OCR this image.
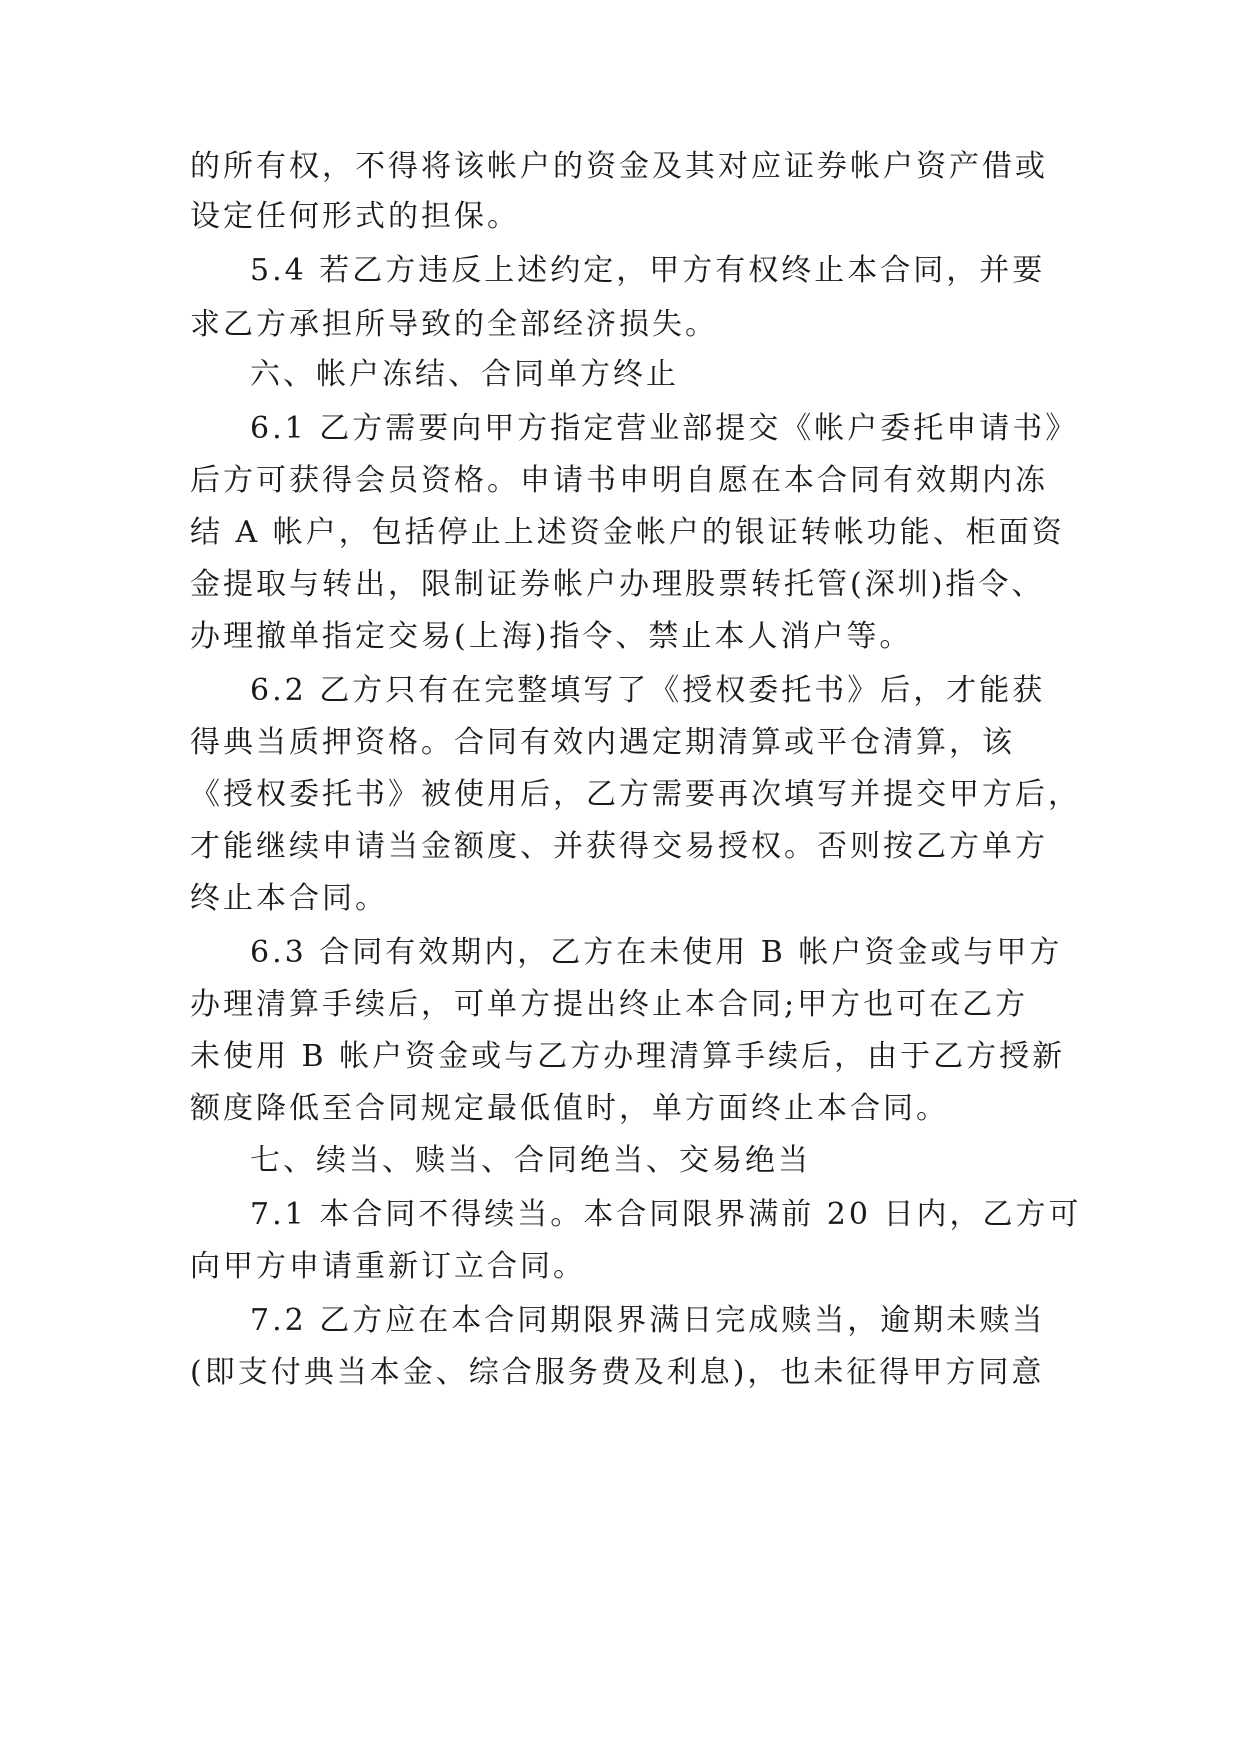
的所有权，不得将该帐户的资金及其对应证券帐户资产借或
设定任何形式的担保。
5.4 若乙方违反上述约定，甲方有权终止本合同，并要
求乙方承担所导致的全部经济损失。
六、帐户冻结、合同单方终止
6.1 乙方需要向甲方指定营业部提交《帐户委托申请书》
后方可获得会员资格。申请书申明自愿在本合同有效期内冻
结 A 帐户，包括停止上述资金帐户的银证转帐功能、柜面资
金提取与转出，限制证券帐户办理股票转托管(深圳)指令、
办理撤单指定交易(上海)指令、禁止本人消户等。
6.2 乙方只有在完整填写了《授权委托书》后，才能获
得典当质押资格。合同有效内遇定期清算或平仓清算，该
《授权委托书》被使用后，乙方需要再次填写并提交甲方后，
才能继续申请当金额度、并获得交易授权。否则按乙方单方
终止本合同。
6.3 合同有效期内，乙方在未使用 B 帐户资金或与甲方
办理清算手续后，可单方提出终止本合同;甲方也可在乙方
未使用 B 帐户资金或与乙方办理清算手续后，由于乙方授新
额度降低至合同规定最低值时，单方面终止本合同。
七、续当、赎当、合同绝当、交易绝当
7.1 本合同不得续当。本合同限界满前 20 日内，乙方可
向甲方申请重新订立合同。
7.2 乙方应在本合同期限界满日完成赎当，逾期未赎当
(即支付典当本金、综合服务费及利息)，也未征得甲方同意
